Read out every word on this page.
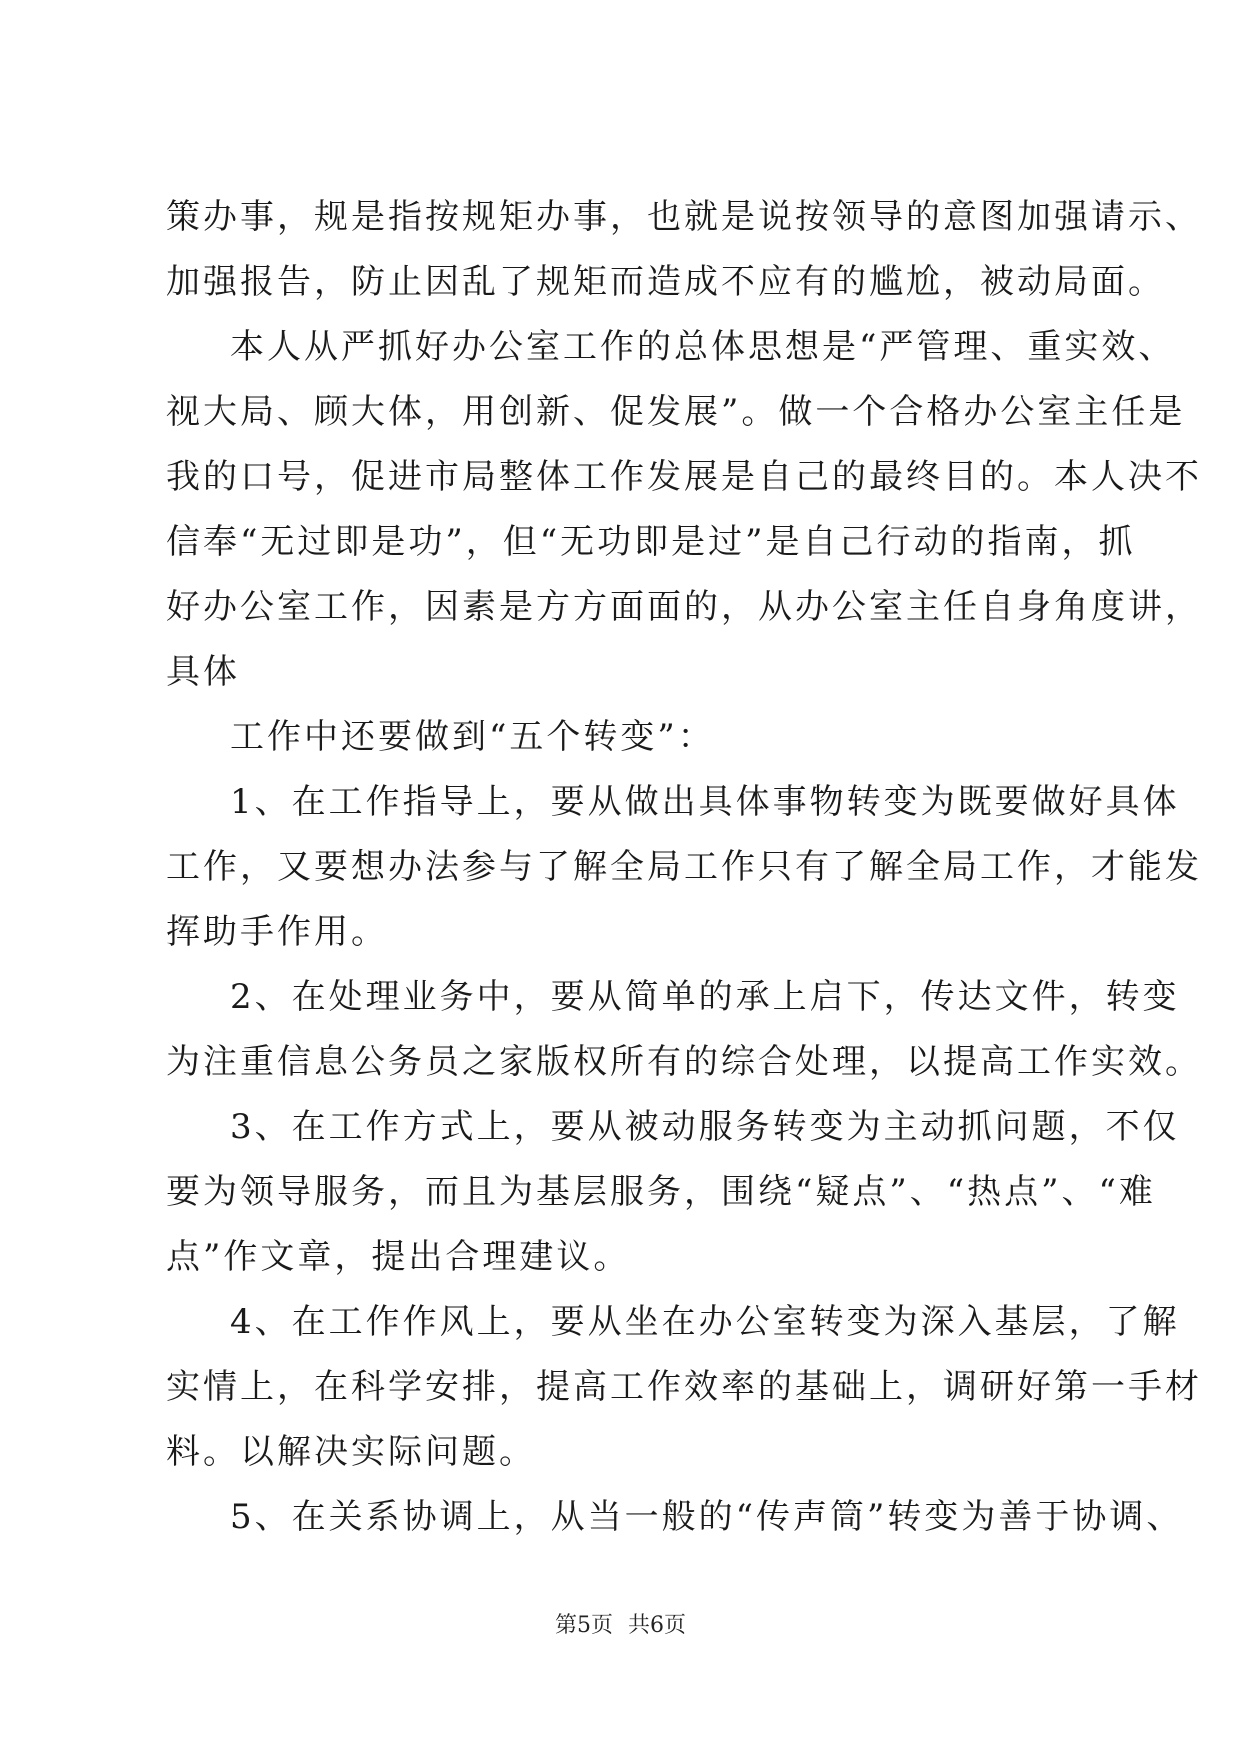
策办事，规是指按规矩办事，也就是说按领导的意图加强请示、

加强报告，防止因乱了规矩而造成不应有的尴尬，被动局面。

本人从严抓好办公室工作的总体思想是“严管理、重实效、

视大局、顾大体，用创新、促发展”。做一个合格办公室主任是

我的口号，促进市局整体工作发展是自己的最终目的。本人决不

信奉“无过即是功”，但“无功即是过”是自己行动的指南，抓

好办公室工作，因素是方方面面的，从办公室主任自身角度讲，

具体

工作中还要做到“五个转变”：

1、在工作指导上，要从做出具体事物转变为既要做好具体

工作，又要想办法参与了解全局工作只有了解全局工作，才能发

挥助手作用。

2、在处理业务中，要从简单的承上启下，传达文件，转变

为注重信息公务员之家版权所有的综合处理，以提高工作实效。

3、在工作方式上，要从被动服务转变为主动抓问题，不仅

要为领导服务，而且为基层服务，围绕“疑点”、“热点”、“难

点”作文章，提出合理建议。

4、在工作作风上，要从坐在办公室转变为深入基层，了解

实情上，在科学安排，提高工作效率的基础上，调研好第一手材

料。以解决实际问题。

5、在关系协调上，从当一般的“传声筒”转变为善于协调、

第5页 共6页
